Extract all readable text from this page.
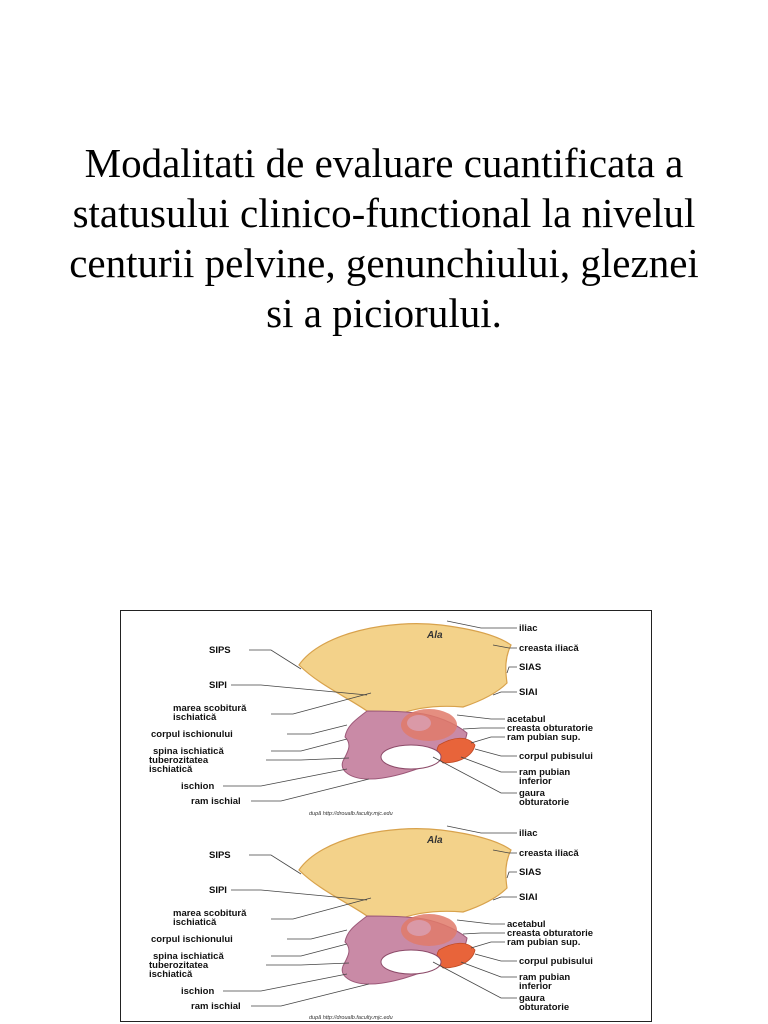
Modalitati de evaluare cuantificata a statusului clinico-functional la nivelul centurii pelvine, genunchiului, gleznei si a piciorului.
Ala
SIPS
SIPI
marea scobitură
ischiatică
corpul ischionului
spina ischiatică
tuberozitatea
ischiatică
ischion
ram ischial
iliac
creasta iliacă
SIAS
SIAI
acetabul
creasta obturatorie
ram pubian sup.
corpul pubisului
ram pubian
inferior
gaura
obturatorie
după http://droualb.faculty.mjc.edu
Ala
SIPS
SIPI
marea scobitură
ischiatică
corpul ischionului
spina ischiatică
tuberozitatea
ischiatică
ischion
ram ischial
iliac
creasta iliacă
SIAS
SIAI
acetabul
creasta obturatorie
ram pubian sup.
corpul pubisului
ram pubian
inferior
gaura
obturatorie
după http://droualb.faculty.mjc.edu
